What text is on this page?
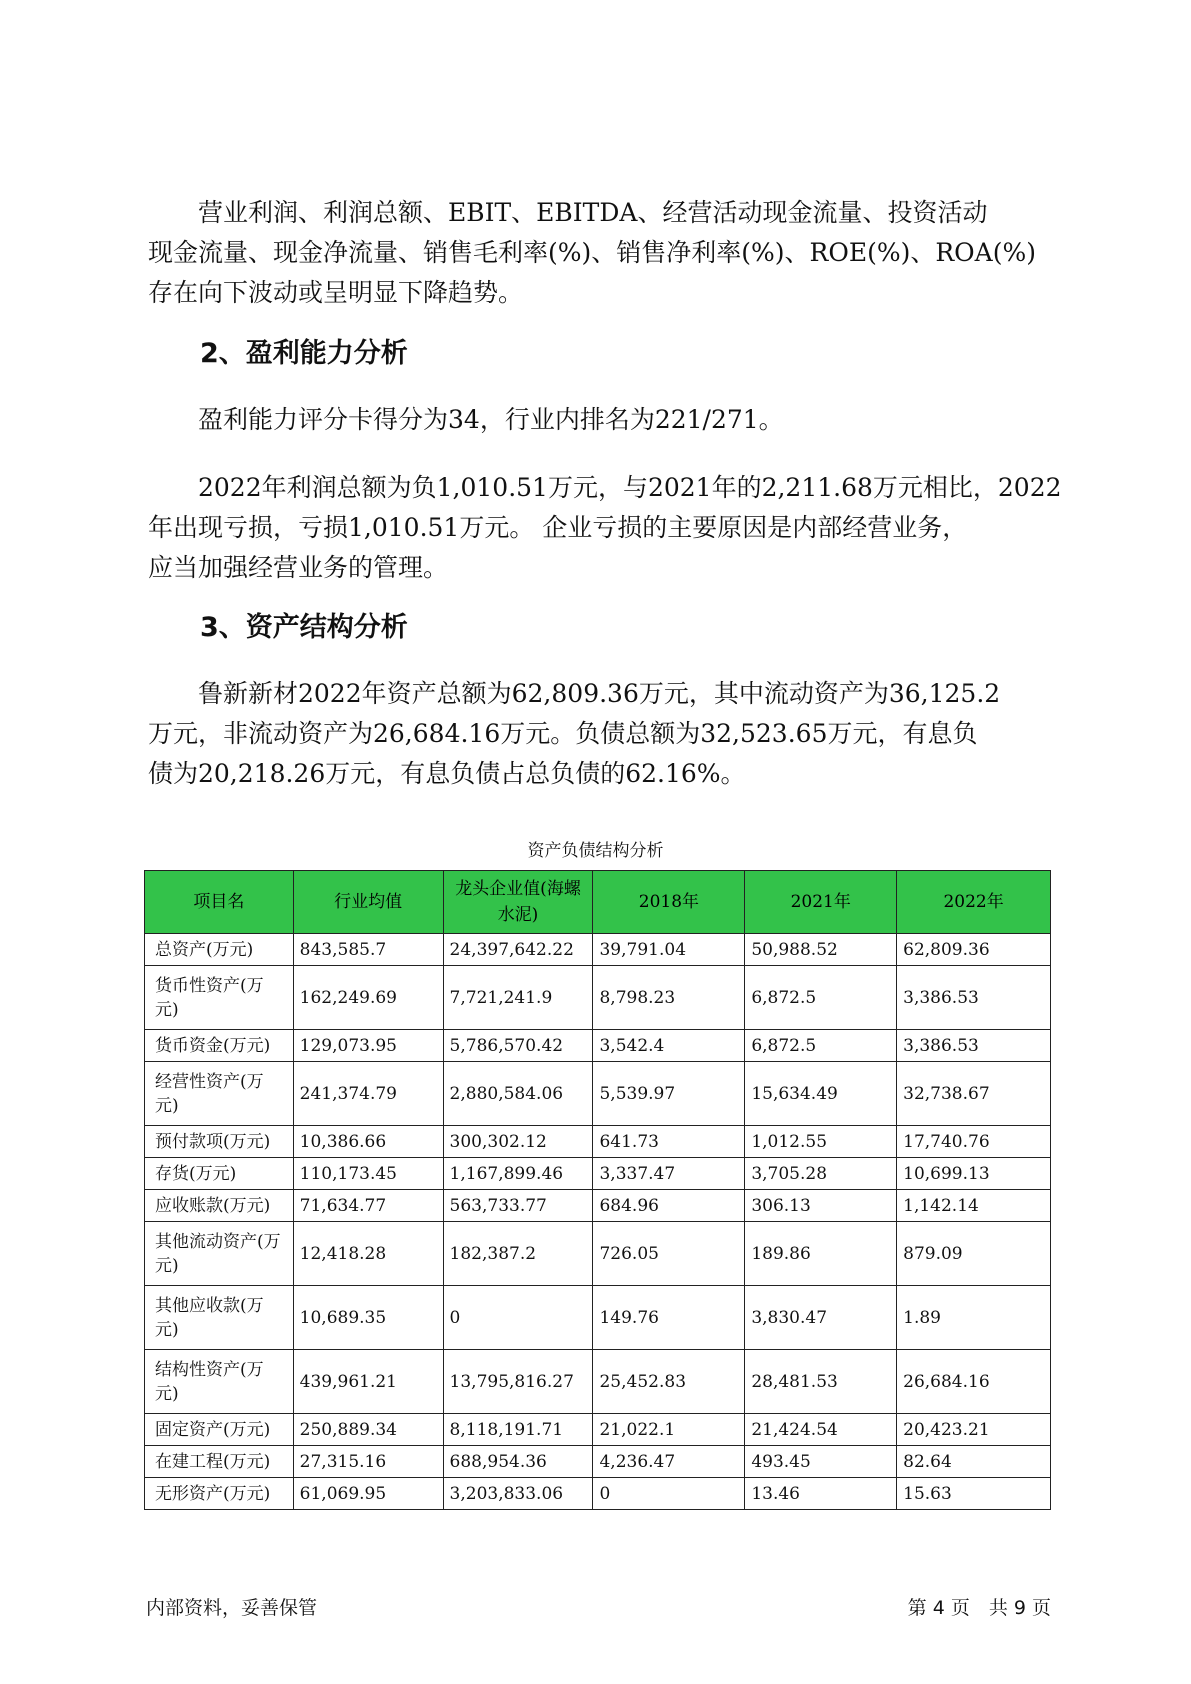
　　营业利润、利润总额、EBIT、EBITDA、经营活动现金流量、投资活动
现金流量、现金净流量、销售毛利率(%)、销售净利率(%)、ROE(%)、ROA(%)
存在向下波动或呈明显下降趋势。

2、盈利能力分析

　　盈利能力评分卡得分为34，行业内排名为221/271。

　　2022年利润总额为负1,010.51万元，与2021年的2,211.68万元相比，2022
年出现亏损，亏损1,010.51万元。 企业亏损的主要原因是内部经营业务，
应当加强经营业务的管理。

3、资产结构分析

　　鲁新新材2022年资产总额为62,809.36万元，其中流动资产为36,125.2
万元，非流动资产为26,684.16万元。负债总额为32,523.65万元，有息负
债为20,218.26万元，有息负债占总负债的62.16%。

资产负债结构分析

项目名	行业均值	龙头企业值(海螺水泥)	2018年	2021年	2022年
总资产(万元)	843,585.7	24,397,642.22	39,791.04	50,988.52	62,809.36
货币性资产(万元)	162,249.69	7,721,241.9	8,798.23	6,872.5	3,386.53
货币资金(万元)	129,073.95	5,786,570.42	3,542.4	6,872.5	3,386.53
经营性资产(万元)	241,374.79	2,880,584.06	5,539.97	15,634.49	32,738.67
预付款项(万元)	10,386.66	300,302.12	641.73	1,012.55	17,740.76
存货(万元)	110,173.45	1,167,899.46	3,337.47	3,705.28	10,699.13
应收账款(万元)	71,634.77	563,733.77	684.96	306.13	1,142.14
其他流动资产(万元)	12,418.28	182,387.2	726.05	189.86	879.09
其他应收款(万元)	10,689.35	0	149.76	3,830.47	1.89
结构性资产(万元)	439,961.21	13,795,816.27	25,452.83	28,481.53	26,684.16
固定资产(万元)	250,889.34	8,118,191.71	21,022.1	21,424.54	20,423.21
在建工程(万元)	27,315.16	688,954.36	4,236.47	493.45	82.64
无形资产(万元)	61,069.95	3,203,833.06	0	13.46	15.63
内部资料，妥善保管	第 4 页　共 9 页
